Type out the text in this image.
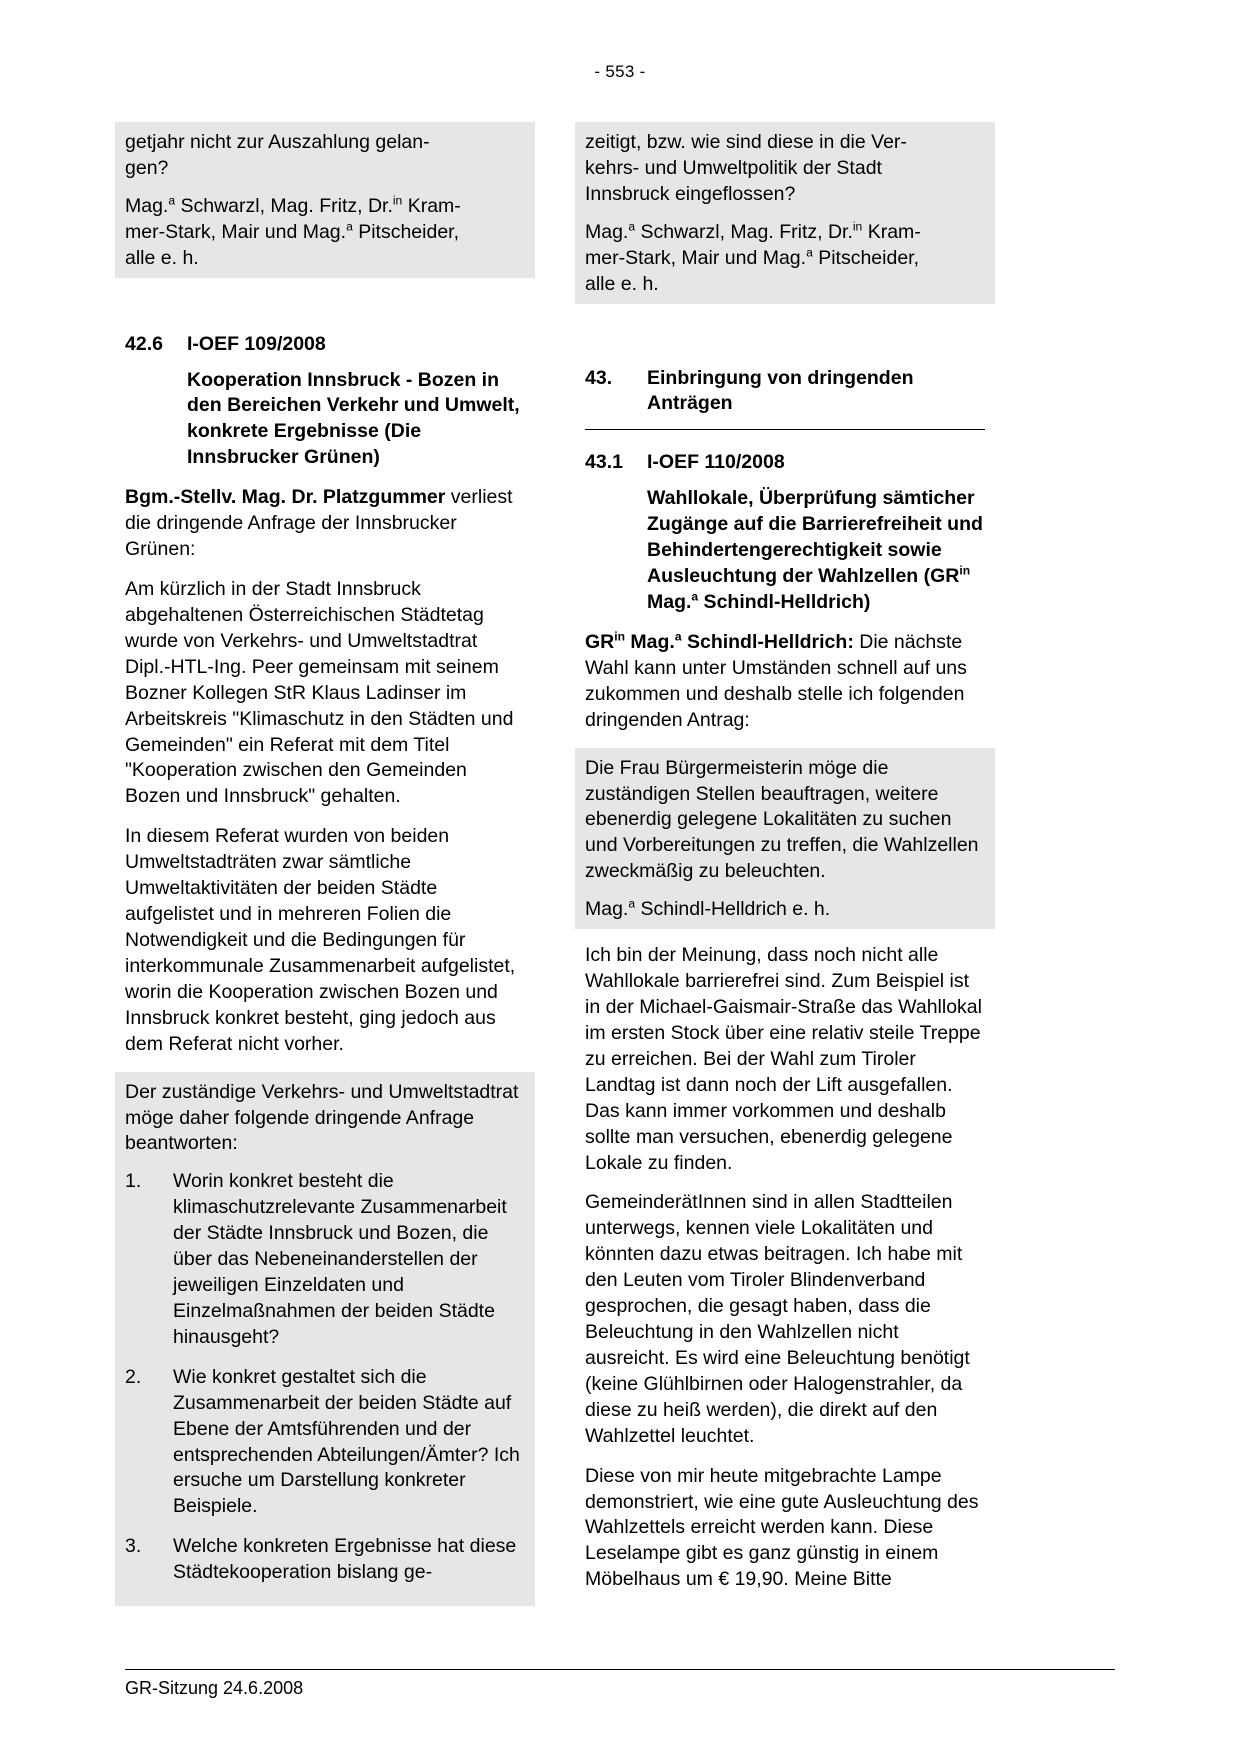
- 553 -

getjahr nicht zur Auszahlung gelan-
gen?

Mag.$^a$ Schwarzl, Mag. Fritz, Dr.$^{in}$ Kram-
mer-Stark, Mair und Mag.$^a$ Pitscheider,
alle e. h.

42.6	I-OEF 109/2008
Kooperation Innsbruck - Bozen in den Bereichen Verkehr und Umwelt, konkrete Ergebnisse (Die Innsbrucker Grünen)

Bgm.-Stellv. Mag. Dr. Platzgummer verliest die dringende Anfrage der Innsbrucker Grünen:

Am kürzlich in der Stadt Innsbruck abgehaltenen Österreichischen Städtetag wurde von Verkehrs- und Umweltstadtrat Dipl.-HTL-Ing. Peer gemeinsam mit seinem Bozner Kollegen StR Klaus Ladinser im Arbeitskreis "Klimaschutz in den Städten und Gemeinden" ein Referat mit dem Titel "Kooperation zwischen den Gemeinden Bozen und Innsbruck" gehalten.

In diesem Referat wurden von beiden Umweltstadträten zwar sämtliche Umweltaktivitäten der beiden Städte aufgelistet und in mehreren Folien die Notwendigkeit und die Bedingungen für interkommunale Zusammenarbeit aufgelistet, worin die Kooperation zwischen Bozen und Innsbruck konkret besteht, ging jedoch aus dem Referat nicht vorher.

Der zuständige Verkehrs- und Umweltstadtrat möge daher folgende dringende Anfrage beantworten:

1.	Worin konkret besteht die klimaschutzrelevante Zusammenarbeit der Städte Innsbruck und Bozen, die über das Nebeneinanderstellen der jeweiligen Einzeldaten und Einzelmaßnahmen der beiden Städte hinausgeht?
2.	Wie konkret gestaltet sich die Zusammenarbeit der beiden Städte auf Ebene der Amtsführenden und der entsprechenden Abteilungen/Ämter? Ich ersuche um Darstellung konkreter Beispiele.
3.	Welche konkreten Ergebnisse hat diese Städtekooperation bislang ge-

zeitigt, bzw. wie sind diese in die Ver-
kehrs- und Umweltpolitik der Stadt
Innsbruck eingeflossen?

Mag.$^a$ Schwarzl, Mag. Fritz, Dr.$^{in}$ Kram-
mer-Stark, Mair und Mag.$^a$ Pitscheider,
alle e. h.

43.	Einbringung von dringenden Anträgen
43.1	I-OEF 110/2008
Wahllokale, Überprüfung sämticher Zugänge auf die Barrierefreiheit und Behindertengerechtigkeit sowie Ausleuchtung der Wahlzellen ($GR^{in}$ Mag.$^a$ Schindl-Helldrich)

$GR^{in}$ Mag.$^a$ Schindl-Helldrich: Die nächste Wahl kann unter Umständen schnell auf uns zukommen und deshalb stelle ich folgenden dringenden Antrag:

Die Frau Bürgermeisterin möge die zuständigen Stellen beauftragen, weitere ebenerdig gelegene Lokalitäten zu suchen und Vorbereitungen zu treffen, die Wahlzellen zweckmäßig zu beleuchten.

Mag.$^a$ Schindl-Helldrich e. h.

Ich bin der Meinung, dass noch nicht alle Wahllokale barrierefrei sind. Zum Beispiel ist in der Michael-Gaismair-Straße das Wahllokal im ersten Stock über eine relativ steile Treppe zu erreichen. Bei der Wahl zum Tiroler Landtag ist dann noch der Lift ausgefallen. Das kann immer vorkommen und deshalb sollte man versuchen, ebenerdig gelegene Lokale zu finden.

GemeinderätInnen sind in allen Stadtteilen unterwegs, kennen viele Lokalitäten und könnten dazu etwas beitragen. Ich habe mit den Leuten vom Tiroler Blindenverband gesprochen, die gesagt haben, dass die Beleuchtung in den Wahlzellen nicht ausreicht. Es wird eine Beleuchtung benötigt (keine Glühlbirnen oder Halogenstrahler, da diese zu heiß werden), die direkt auf den Wahlzettel leuchtet.

Diese von mir heute mitgebrachte Lampe demonstriert, wie eine gute Ausleuchtung des Wahlzettels erreicht werden kann. Diese Leselampe gibt es ganz günstig in einem Möbelhaus um € 19,90. Meine Bitte

GR-Sitzung 24.6.2008
